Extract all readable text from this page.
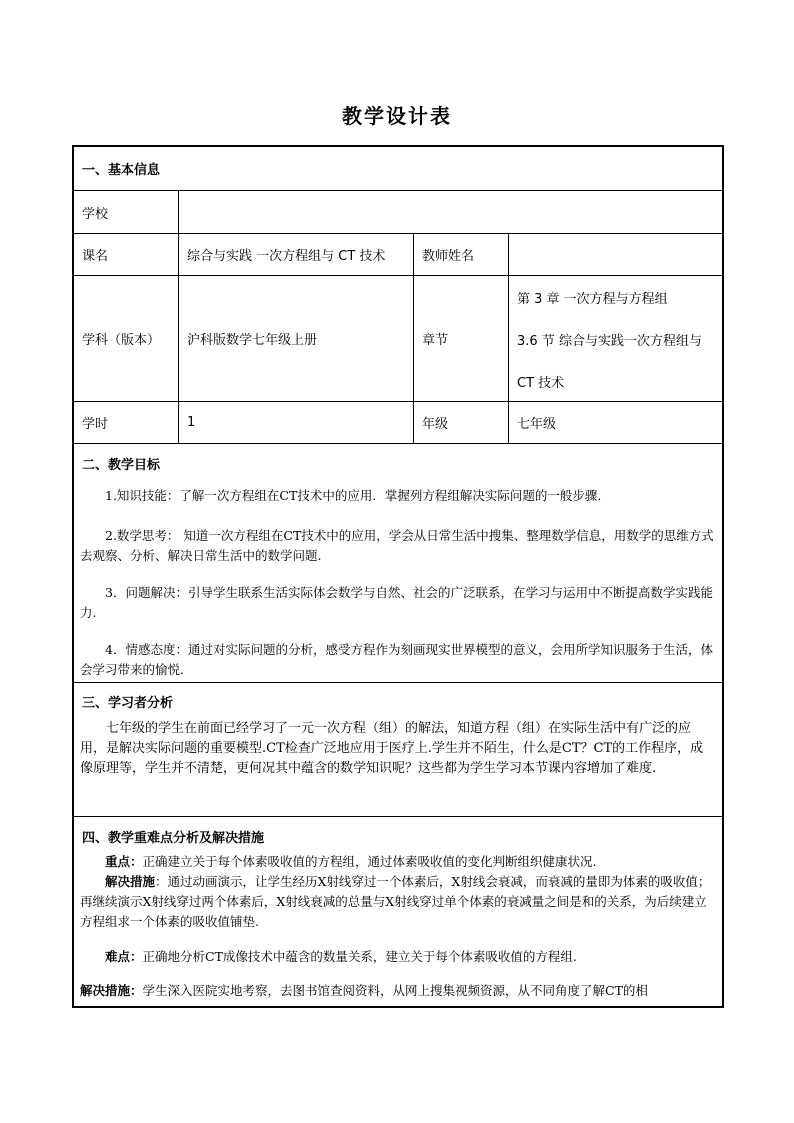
教学设计表
一、基本信息
学校
课名	综合与实践 一次方程组与 CT 技术	教师姓名
学科（版本）	沪科版数学七年级上册	章节
第 3 章 一次方程与方程组
3.6 节 综合与实践一次方程组与
CT 技术
学时	1	年级	七年级
二、教学目标
1.知识技能：了解一次方程组在CT技术中的应用．掌握列方程组解决实际问题的一般步骤.
2.数学思考： 知道一次方程组在CT技术中的应用，学会从日常生活中搜集、整理数学信息，用数学的思维方式去观察、分析、解决日常生活中的数学问题.
3．问题解决：引导学生联系生活实际体会数学与自然、社会的广泛联系，在学习与运用中不断提高数学实践能力.
4．情感态度：通过对实际问题的分析，感受方程作为刻画现实世界模型的意义，会用所学知识服务于生活，体会学习带来的愉悦．
三、学习者分析
七年级的学生在前面已经学习了一元一次方程（组）的解法，知道方程（组）在实际生活中有广泛的应用，是解决实际问题的重要模型.CT检查广泛地应用于医疗上.学生并不陌生，什么是CT？CT的工作程序，成像原理等，学生并不清楚，更何况其中蕴含的数学知识呢？这些都为学生学习本节课内容增加了难度.
四、教学重难点分析及解决措施
重点：正确建立关于每个体素吸收值的方程组，通过体素吸收值的变化判断组织健康状况.
解决措施：通过动画演示，让学生经历X射线穿过一个体素后，X射线会衰减，而衰减的量即为体素的吸收值；再继续演示X射线穿过两个体素后，X射线衰减的总量与X射线穿过单个体素的衰减量之间是和的关系，为后续建立方程组求一个体素的吸收值铺垫.
难点：正确地分析CT成像技术中蕴含的数量关系，建立关于每个体素吸收值的方程组.
解决措施：学生深入医院实地考察，去图书馆查阅资料，从网上搜集视频资源，从不同角度了解CT的相
